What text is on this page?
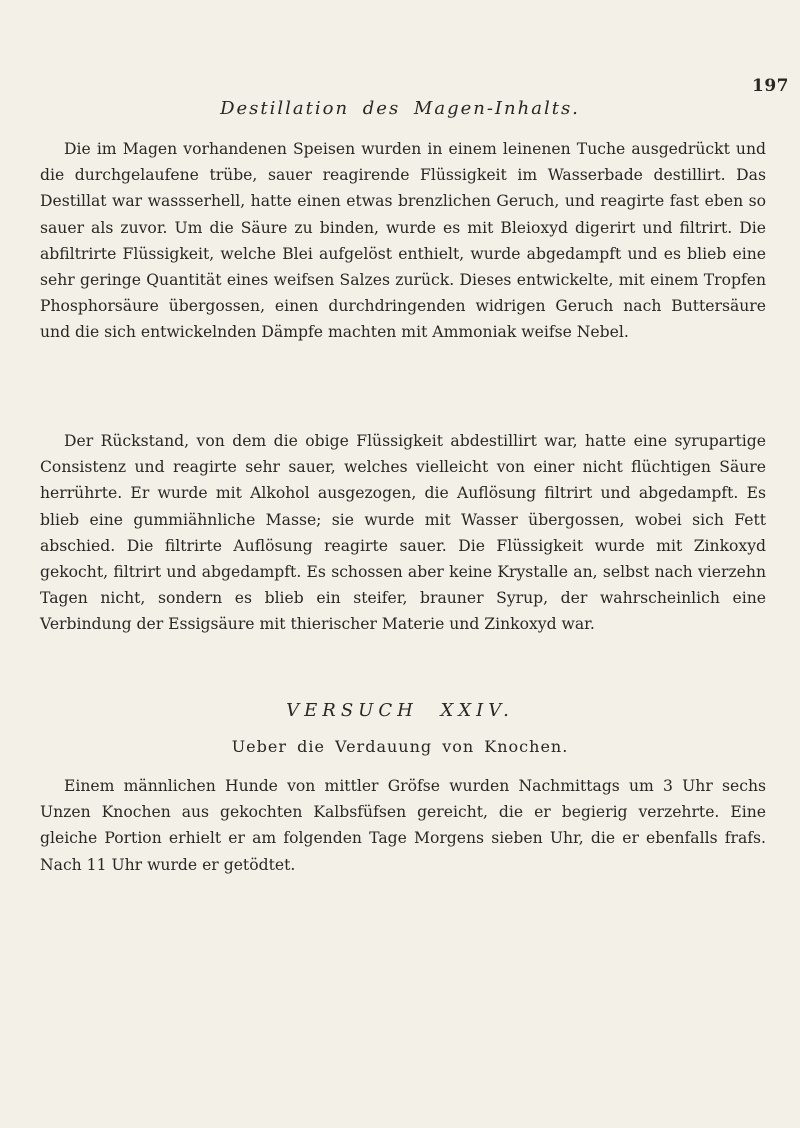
197
Destillation des Magen-Inhalts.

Die im Magen vorhandenen Speisen wurden in einem leinenen Tuche ausgedrückt und die durchgelaufene trübe, sauer reagirende Flüssigkeit im Wasserbade destillirt. Das Destillat war wassserhell, hatte einen etwas brenzlichen Geruch, und reagirte fast eben so sauer als zuvor. Um die Säure zu binden, wurde es mit Bleioxyd digerirt und filtrirt. Die abfiltrirte Flüssigkeit, welche Blei aufgelöst enthielt, wurde abgedampft und es blieb eine sehr geringe Quantität eines weifsen Salzes zurück. Dieses entwickelte, mit einem Tropfen Phosphorsäure übergossen, einen durchdringenden widrigen Geruch nach Buttersäure und die sich entwickelnden Dämpfe machten mit Ammoniak weifse Nebel.

Der Rückstand, von dem die obige Flüssigkeit abdestillirt war, hatte eine syrupartige Consistenz und reagirte sehr sauer, welches vielleicht von einer nicht flüchtigen Säure herrührte. Er wurde mit Alkohol ausgezogen, die Auflösung filtrirt und abgedampft. Es blieb eine gummiähnliche Masse; sie wurde mit Wasser übergossen, wobei sich Fett abschied. Die filtrirte Auflösung reagirte sauer. Die Flüssigkeit wurde mit Zinkoxyd gekocht, filtrirt und abgedampft. Es schossen aber keine Krystalle an, selbst nach vierzehn Tagen nicht, sondern es blieb ein steifer, brauner Syrup, der wahrscheinlich eine Verbindung der Essigsäure mit thierischer Materie und Zinkoxyd war.

VERSUCH XXIV.
Ueber die Verdauung von Knochen.

Einem männlichen Hunde von mittler Gröfse wurden Nachmittags um 3 Uhr sechs Unzen Knochen aus gekochten Kalbsfüfsen gereicht, die er begierig verzehrte. Eine gleiche Portion erhielt er am folgenden Tage Morgens sieben Uhr, die er ebenfalls frafs. Nach 11 Uhr wurde er getödtet.
